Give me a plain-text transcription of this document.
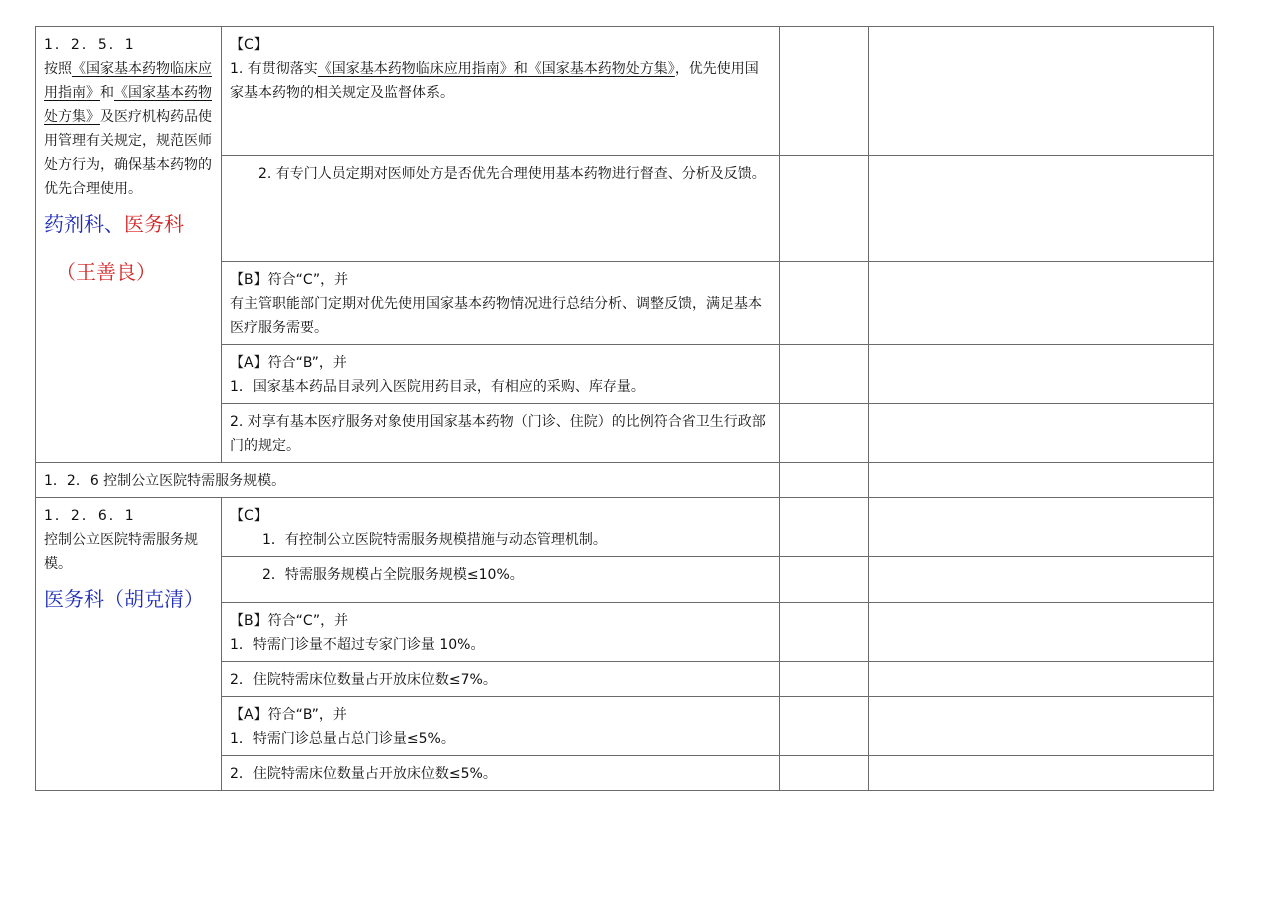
1．2．5．1
按照《国家基本药物临床应用指南》和《国家基本药物处方集》及医疗机构药品使用管理有关规定，规范医师处方行为，确保基本药物的优先合理使用。
药剂科、医务科
（王善良）	【C】
1. 有贯彻落实《国家基本药物临床应用指南》和《国家基本药物处方集》，优先使用国家基本药物的相关规定及监督体系。		

	2. 有专门人员定期对医师处方是否优先合理使用基本药物进行督查、分析及反馈。		

	【B】符合“C”，并
有主管职能部门定期对优先使用国家基本药物情况进行总结分析、调整反馈，满足基本医疗服务需要。		

	【A】符合“B”，并
1．国家基本药品目录列入医院用药目录，有相应的采购、库存量。		

	2. 对享有基本医疗服务对象使用国家基本药物（门诊、住院）的比例符合省卫生行政部门的规定。		

1．2．6 控制公立医院特需服务规模。			

1．2．6．1
控制公立医院特需服务规模。
医务科（胡克清）	【C】
1．有控制公立医院特需服务规模措施与动态管理机制。		

	2．特需服务规模占全院服务规模≤10%。		

	【B】符合“C”，并
1．特需门诊量不超过专家门诊量 10%。		

	2．住院特需床位数量占开放床位数≤7%。		

	【A】符合“B”，并
1．特需门诊总量占总门诊量≤5%。		

	2．住院特需床位数量占开放床位数≤5%。		
